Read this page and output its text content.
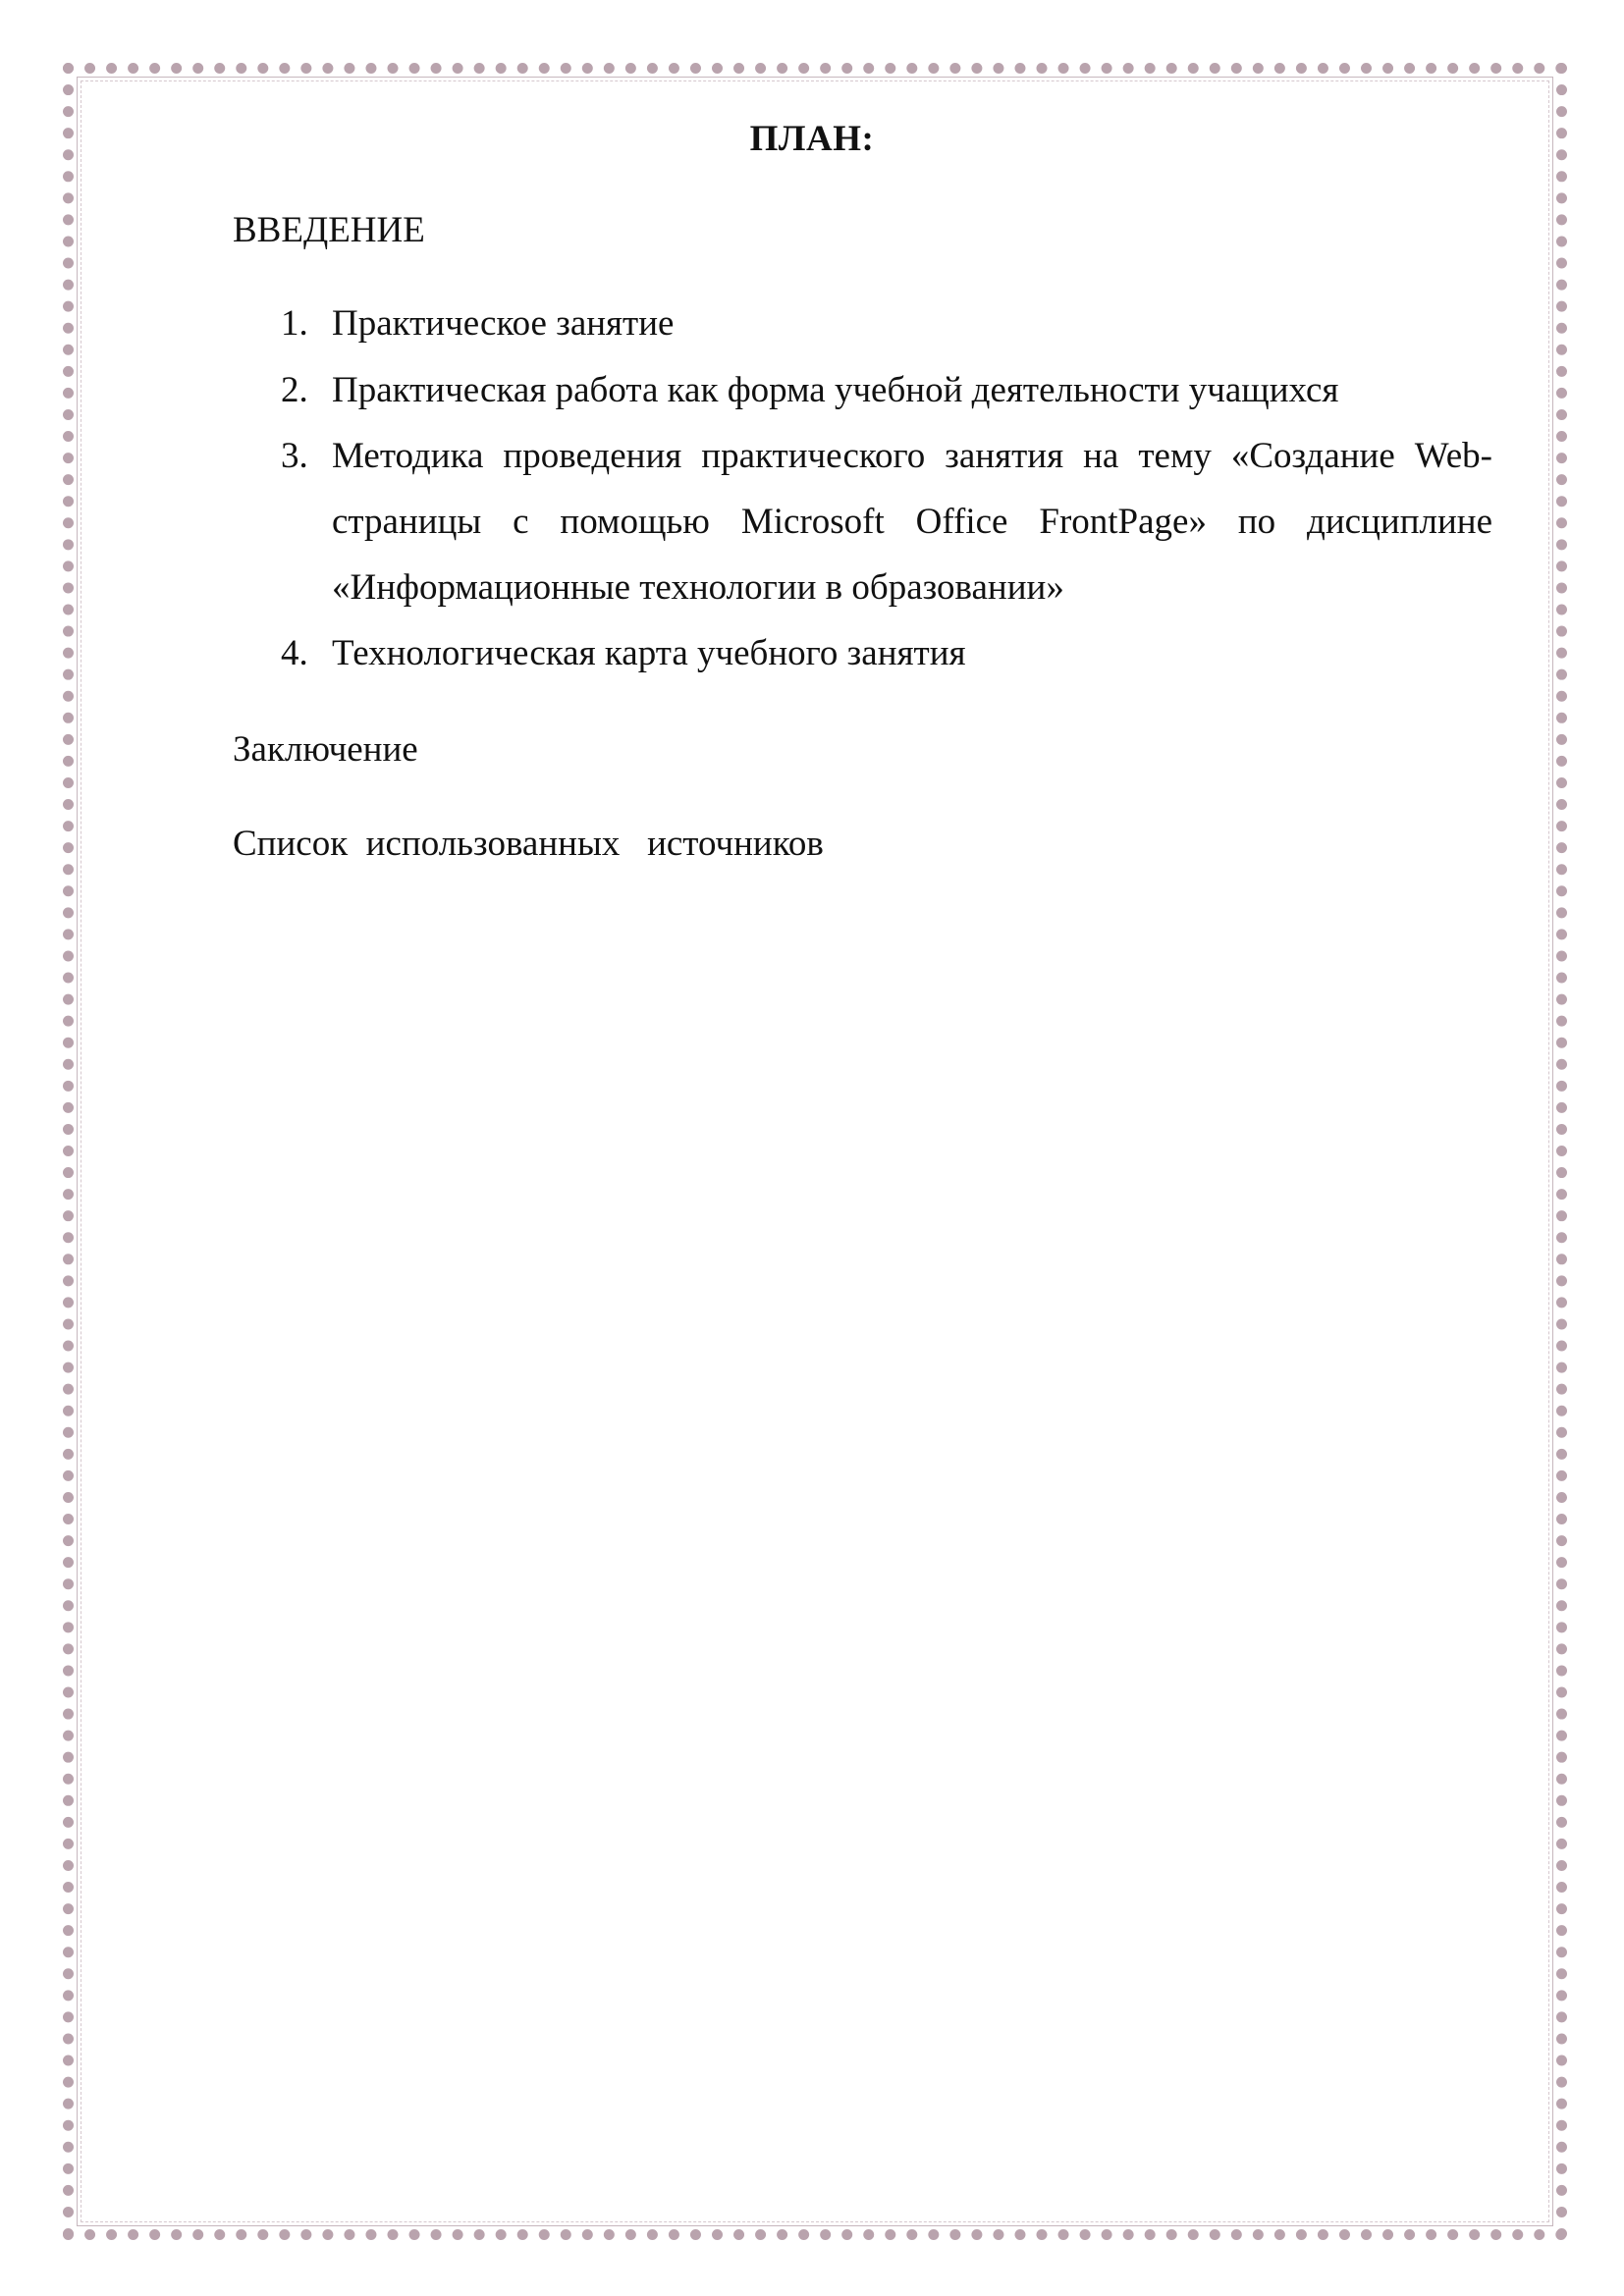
ПЛАН:
ВВЕДЕНИЕ
1. Практическое занятие
2. Практическая работа как форма учебной деятельности учащихся
3. Методика проведения практического занятия на тему «Создание Web-страницы с помощью Microsoft Office FrontPage» по дисциплине «Информационные технологии в образовании»
4. Технологическая карта учебного занятия
Заключение
Список  использованных   источников
